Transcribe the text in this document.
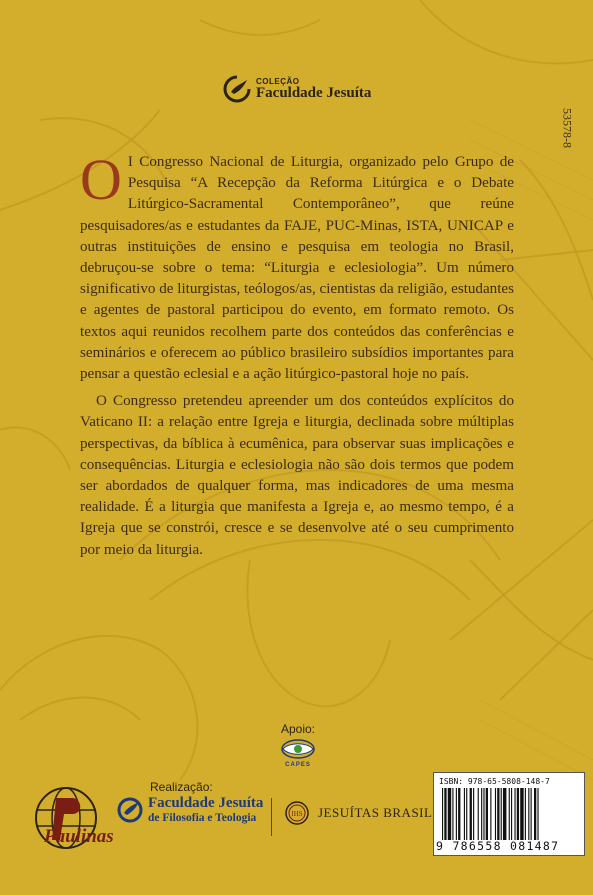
COLEÇÃO
Faculdade Jesuíta
53578-8

O I Congresso Nacional de Liturgia, organizado pelo Grupo de Pesquisa “A Recepção da Reforma Litúrgica e o Debate Litúrgico-Sacramental Contemporâneo”, que reúne pesquisadores/as e estudantes da FAJE, PUC-Minas, ISTA, UNICAP e outras instituições de ensino e pesquisa em teologia no Brasil, debruçou-se sobre o tema: “Liturgia e eclesiologia”. Um número significativo de liturgistas, teólogos/as, cientistas da religião, estudantes e agentes de pastoral participou do evento, em formato remoto. Os textos aqui reunidos recolhem parte dos conteúdos das conferências e seminários e oferecem ao público brasileiro subsídios importantes para pensar a questão eclesial e a ação litúrgico-pastoral hoje no país.

O Congresso pretendeu apreender um dos conteúdos explícitos do Vaticano II: a relação entre Igreja e liturgia, declinada sobre múltiplas perspectivas, da bíblica à ecumênica, para observar suas implicações e consequências. Liturgia e eclesiologia não são dois termos que podem ser abordados de qualquer forma, mas indicadores de uma mesma realidade. É a liturgia que manifesta a Igreja e, ao mesmo tempo, é a Igreja que se constrói, cresce e se desenvolve até o seu cumprimento por meio da liturgia.

Apoio:
CAPES
Realização:
Paulinas
Faculdade Jesuíta
de Filosofia e Teologia	IHS JESUÍTAS BRASIL
ISBN: 978-65-5808-148-7
9 786558 081487
